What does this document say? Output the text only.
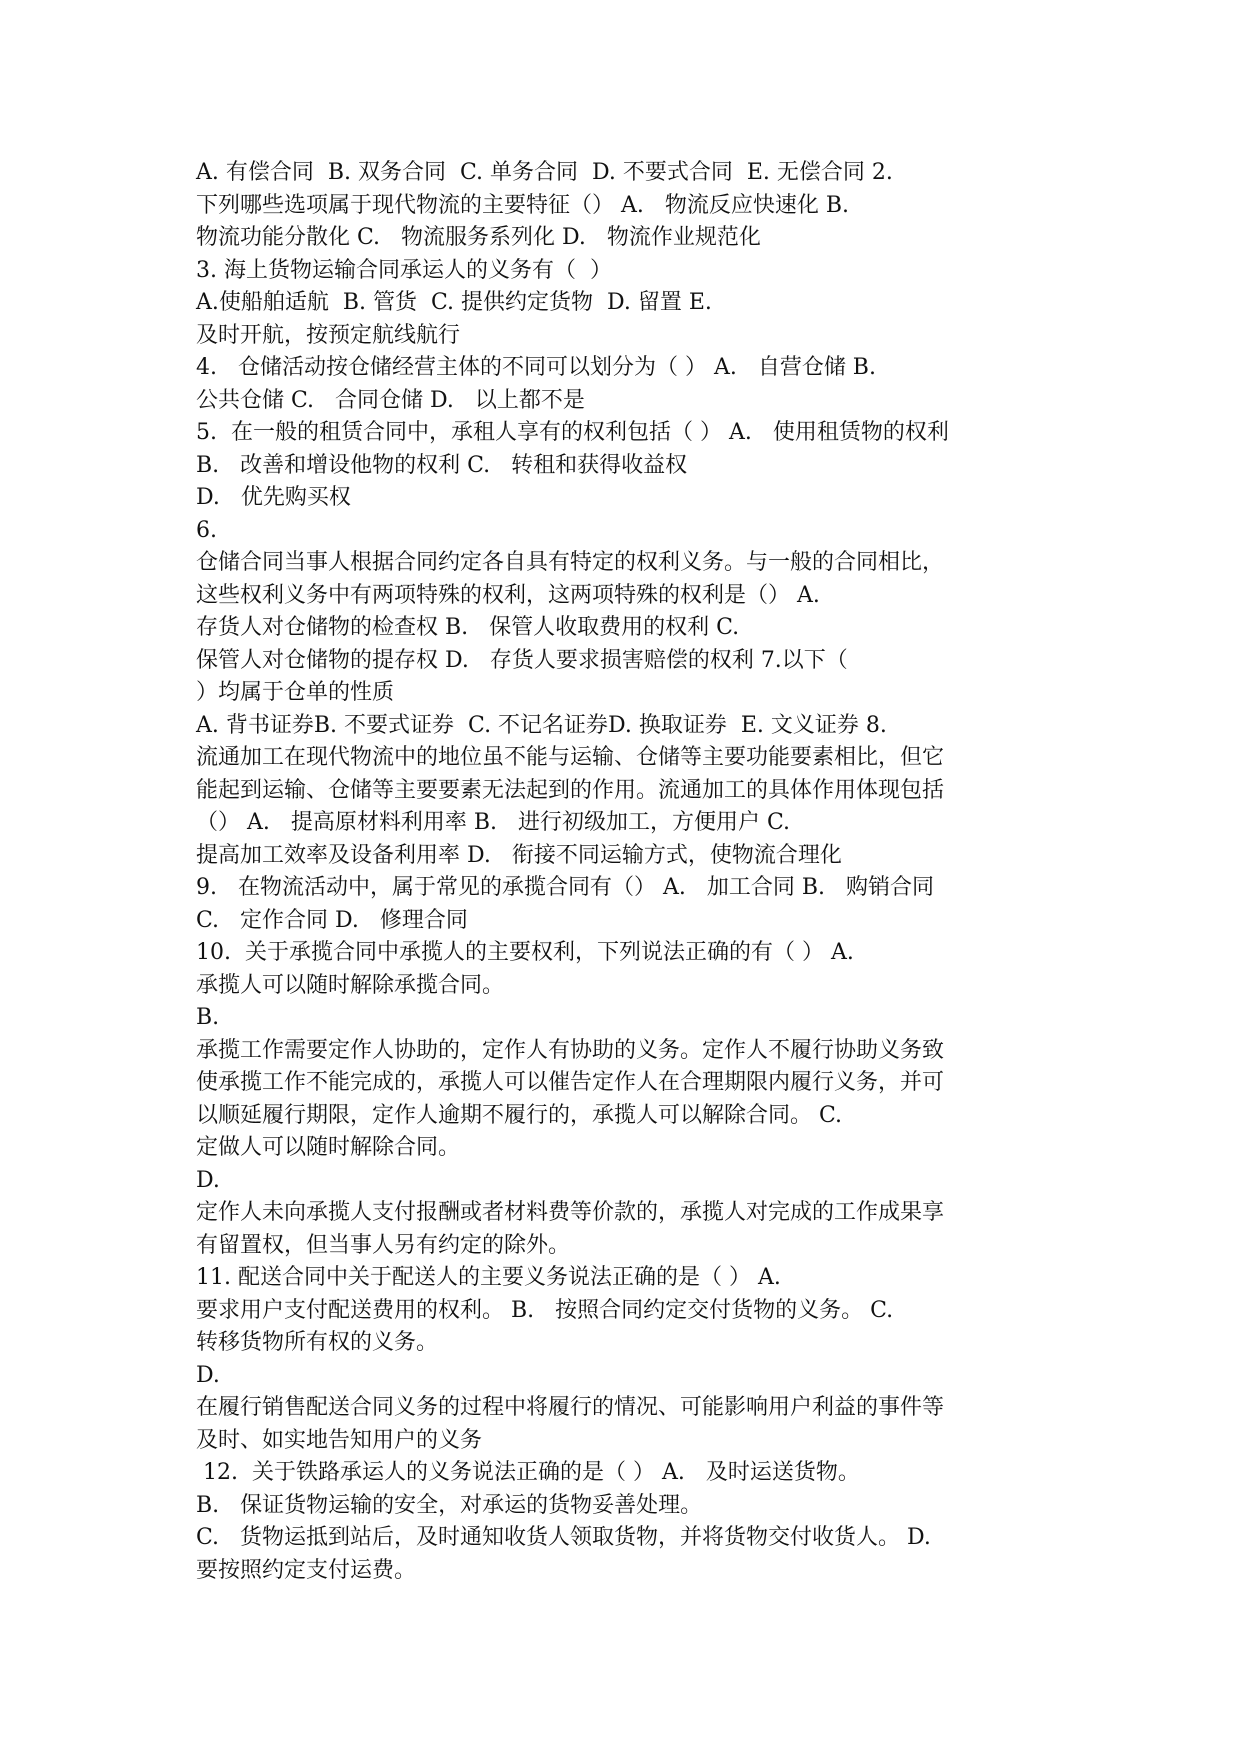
A. 有偿合同  B. 双务合同  C. 单务合同  D. 不要式合同  E. 无偿合同 2.
下列哪些选项属于现代物流的主要特征（） A.   物流反应快速化 B.
物流功能分散化 C.   物流服务系列化 D.   物流作业规范化
3. 海上货物运输合同承运人的义务有（  ）
A.使船舶适航  B. 管货  C. 提供约定货物  D. 留置 E.
及时开航，按预定航线航行
4.   仓储活动按仓储经营主体的不同可以划分为（ ） A.   自营仓储 B.
公共仓储 C.   合同仓储 D.   以上都不是
5.  在一般的租赁合同中，承租人享有的权利包括（ ） A.   使用租赁物的权利
B.   改善和增设他物的权利 C.   转租和获得收益权
D.   优先购买权
6.
仓储合同当事人根据合同约定各自具有特定的权利义务。与一般的合同相比，
这些权利义务中有两项特殊的权利，这两项特殊的权利是（） A.
存货人对仓储物的检查权 B.   保管人收取费用的权利 C.
保管人对仓储物的提存权 D.   存货人要求损害赔偿的权利 7.以下（
）均属于仓单的性质
A. 背书证券B. 不要式证券  C. 不记名证券D. 换取证券  E. 文义证券 8.
流通加工在现代物流中的地位虽不能与运输、仓储等主要功能要素相比，但它
能起到运输、仓储等主要要素无法起到的作用。流通加工的具体作用体现包括
（） A.   提高原材料利用率 B.   进行初级加工，方便用户 C.
提高加工效率及设备利用率 D.   衔接不同运输方式，使物流合理化
9.   在物流活动中，属于常见的承揽合同有（） A.   加工合同 B.   购销合同
C.   定作合同 D.   修理合同
10.  关于承揽合同中承揽人的主要权利，下列说法正确的有（ ） A.
承揽人可以随时解除承揽合同。
B.
承揽工作需要定作人协助的，定作人有协助的义务。定作人不履行协助义务致
使承揽工作不能完成的，承揽人可以催告定作人在合理期限内履行义务，并可
以顺延履行期限，定作人逾期不履行的，承揽人可以解除合同。 C.
定做人可以随时解除合同。
D.
定作人未向承揽人支付报酬或者材料费等价款的，承揽人对完成的工作成果享
有留置权，但当事人另有约定的除外。
11. 配送合同中关于配送人的主要义务说法正确的是（ ） A.
要求用户支付配送费用的权利。 B.   按照合同约定交付货物的义务。 C.
转移货物所有权的义务。
D.
在履行销售配送合同义务的过程中将履行的情况、可能影响用户利益的事件等
及时、如实地告知用户的义务
12.  关于铁路承运人的义务说法正确的是（ ） A.   及时运送货物。
B.   保证货物运输的安全，对承运的货物妥善处理。
C.   货物运抵到站后，及时通知收货人领取货物，并将货物交付收货人。 D.
要按照约定支付运费。
